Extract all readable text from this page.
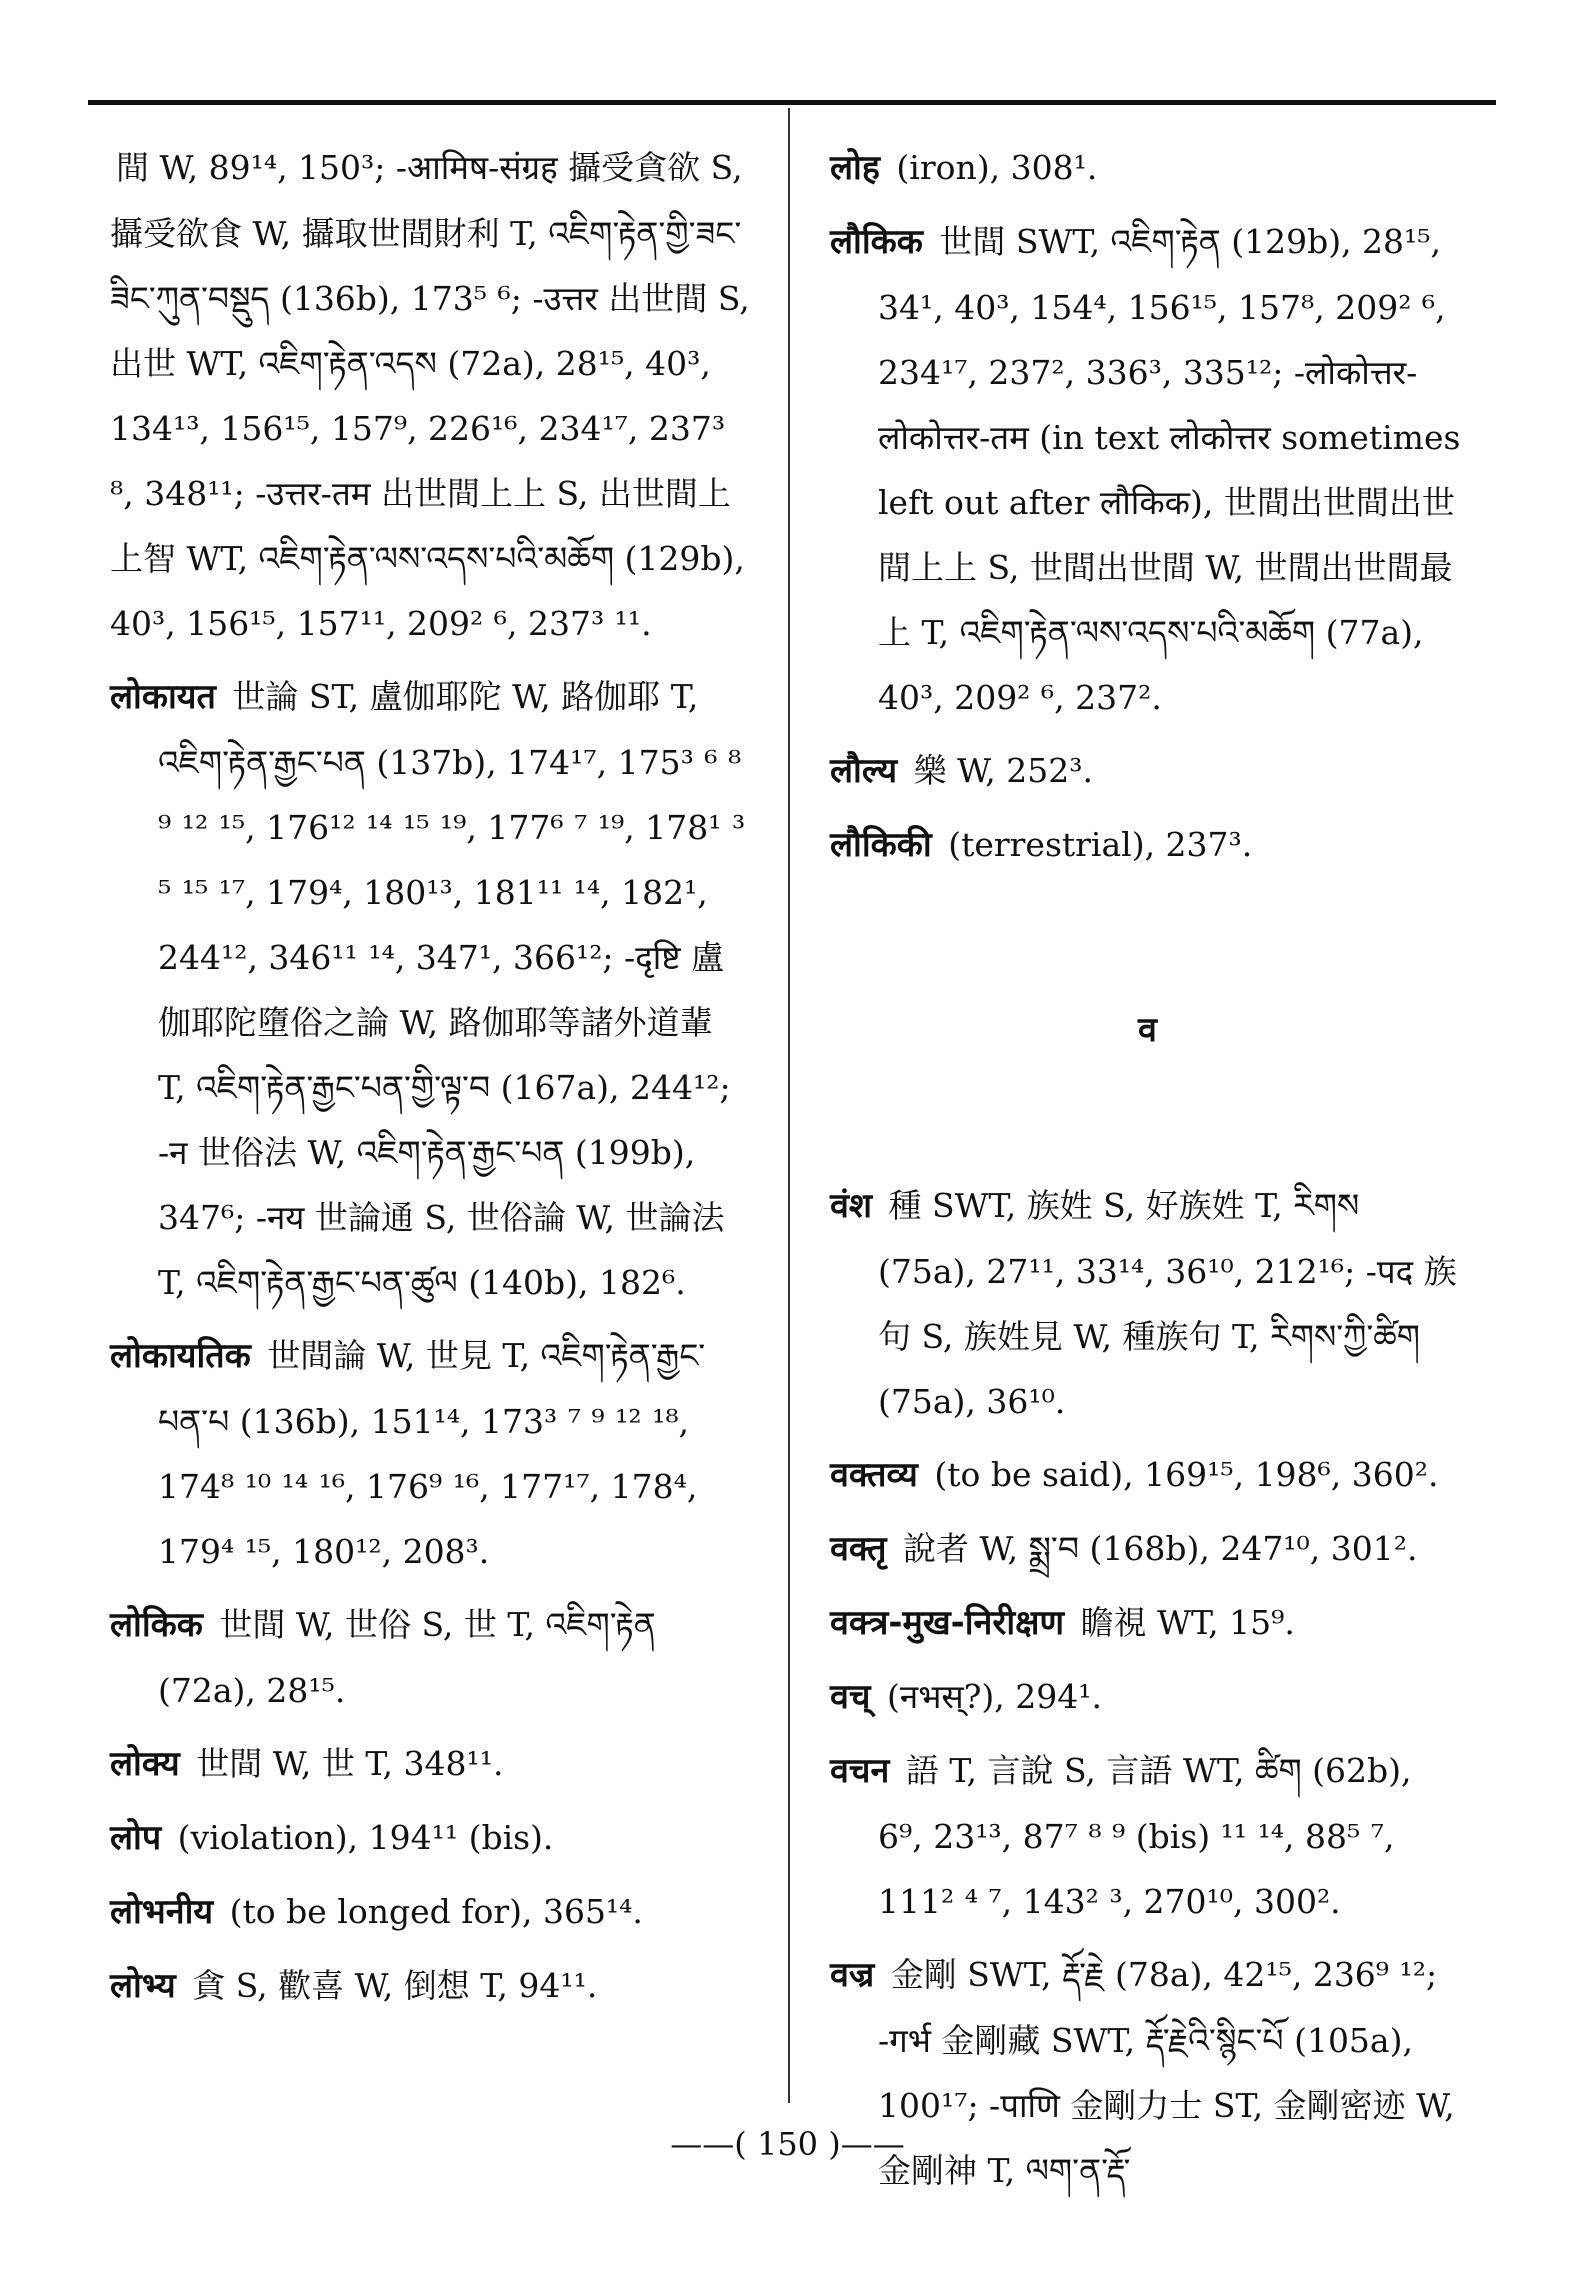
間 W, 89¹⁴, 150³; -आमिष-संग्रह 攝受貪欲 S, 攝受欲食 W, 攝取世間財利 T, འཇིག་རྟེན་གྱི་ཟང་ཟིང་ཀུན་བསྡུད (136b), 173⁵ ⁶; -उत्तर 出世間 S, 出世 WT, འཇིག་རྟེན་འདས (72a), 28¹⁵, 40³, 134¹³, 156¹⁵, 157⁹, 226¹⁶, 234¹⁷, 237³ ⁸, 348¹¹; -उत्तर-तम 出世間上上 S, 出世間上上智 WT, འཇིག་རྟེན་ལས་འདས་པའི་མཆོག (129b), 40³, 156¹⁵, 157¹¹, 209² ⁶, 237³ ¹¹.
लोकायत 世論 ST, 盧伽耶陀 W, 路伽耶 T, འཇིག་རྟེན་རྒྱང་པན (137b), 174¹⁷, 175³ ⁶ ⁸ ⁹ ¹² ¹⁵, 176¹² ¹⁴ ¹⁵ ¹⁹, 177⁶ ⁷ ¹⁹, 178¹ ³ ⁵ ¹⁵ ¹⁷, 179⁴, 180¹³, 181¹¹ ¹⁴, 182¹, 244¹², 346¹¹ ¹⁴, 347¹, 366¹²; -दृष्टि 盧伽耶陀墮俗之論 W, 路伽耶等諸外道輩 T, འཇིག་རྟེན་རྒྱང་པན་གྱི་ལྟ་བ (167a), 244¹²; -न 世俗法 W, འཇིག་རྟེན་རྒྱང་པན (199b), 347⁶; -नय 世論通 S, 世俗論 W, 世論法 T, འཇིག་རྟེན་རྒྱང་པན་ཚུལ (140b), 182⁶.
लोकायतिक 世間論 W, 世見 T, འཇིག་རྟེན་རྒྱང་པན་པ (136b), 151¹⁴, 173³ ⁷ ⁹ ¹² ¹⁸, 174⁸ ¹⁰ ¹⁴ ¹⁶, 176⁹ ¹⁶, 177¹⁷, 178⁴, 179⁴ ¹⁵, 180¹², 208³.
लोकिक 世間 W, 世俗 S, 世 T, འཇིག་རྟེན (72a), 28¹⁵.
लोक्य 世間 W, 世 T, 348¹¹.
लोप (violation), 194¹¹ (bis).
लोभनीय (to be longed for), 365¹⁴.
लोभ्य 貪 S, 歡喜 W, 倒想 T, 94¹¹.
लोह (iron), 308¹.
लौकिक 世間 SWT, འཇིག་རྟེན (129b), 28¹⁵, 34¹, 40³, 154⁴, 156¹⁵, 157⁸, 209² ⁶, 234¹⁷, 237², 336³, 335¹²; -लोकोत्तर-लोकोत्तर-तम (in text लोकोत्तर sometimes left out after लौकिक), 世間出世間出世間上上 S, 世間出世間 W, 世間出世間最上 T, འཇིག་རྟེན་ལས་འདས་པའི་མཆོག (77a), 40³, 209² ⁶, 237².
लौल्य 樂 W, 252³.
लौकिकी (terrestrial), 237³.
व
वंश 種 SWT, 族姓 S, 好族姓 T, རིགས (75a), 27¹¹, 33¹⁴, 36¹⁰, 212¹⁶; -पद 族句 S, 族姓見 W, 種族句 T, རིགས་ཀྱི་ཚིག (75a), 36¹⁰.
वक्तव्य (to be said), 169¹⁵, 198⁶, 360².
वक्तृ 說者 W, སྨྲ་བ (168b), 247¹⁰, 301².
वक्त्र-मुख-निरीक्षण 瞻視 WT, 15⁹.
वच् (नभस्?), 294¹.
वचन 語 T, 言說 S, 言語 WT, ཚིག (62b), 6⁹, 23¹³, 87⁷ ⁸ ⁹ (bis) ¹¹ ¹⁴, 88⁵ ⁷, 111² ⁴ ⁷, 143² ³, 270¹⁰, 300².
वज्र 金剛 SWT, རྡོ་རྗེ (78a), 42¹⁵, 236⁹ ¹²; -गर्भ 金剛藏 SWT, རྡོ་རྗེའི་སྙིང་པོ (105a), 100¹⁷; -पाणि 金剛力士 ST, 金剛密迹 W, 金剛神 T, ལག་ན་རྡོ་
——( 150 )——
